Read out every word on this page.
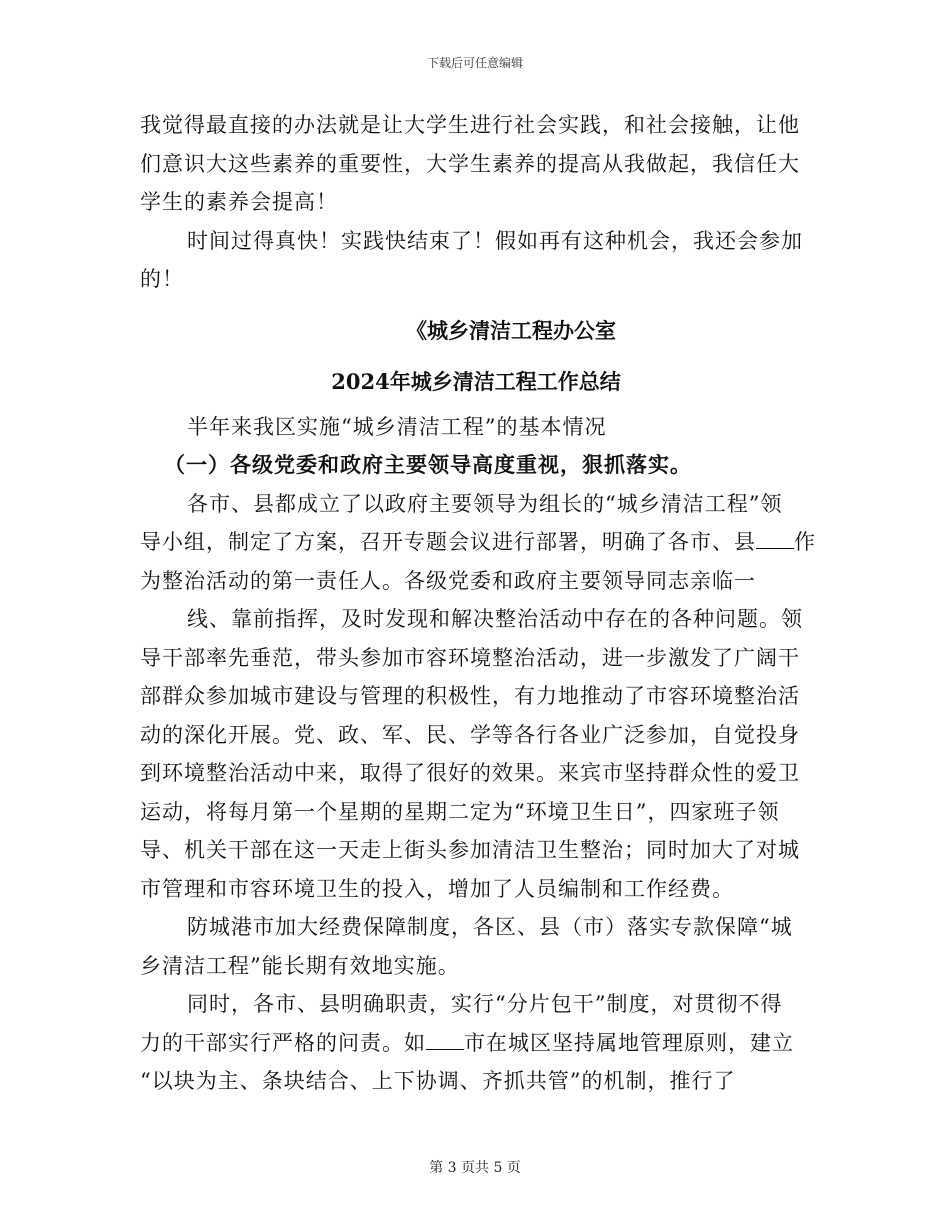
下载后可任意编辑

我觉得最直接的办法就是让大学生进行社会实践，和社会接触，让他

们意识大这些素养的重要性，大学生素养的提高从我做起，我信任大

学生的素养会提高！

时间过得真快！实践快结束了！假如再有这种机会，我还会参加

的！

《城乡清洁工程办公室

2024年城乡清洁工程工作总结

半年来我区实施“城乡清洁工程”的基本情况

（一）各级党委和政府主要领导高度重视，狠抓落实。

各市、县都成立了以政府主要领导为组长的“城乡清洁工程”领

导小组，制定了方案，召开专题会议进行部署，明确了各市、县 作

为整治活动的第一责任人。各级党委和政府主要领导同志亲临一

线、靠前指挥，及时发现和解决整治活动中存在的各种问题。领

导干部率先垂范，带头参加市容环境整治活动，进一步激发了广阔干

部群众参加城市建设与管理的积极性，有力地推动了市容环境整治活

动的深化开展。党、政、军、民、学等各行各业广泛参加，自觉投身

到环境整治活动中来，取得了很好的效果。来宾市坚持群众性的爱卫

运动，将每月第一个星期的星期二定为“环境卫生日”，四家班子领

导、机关干部在这一天走上街头参加清洁卫生整治；同时加大了对城

市管理和市容环境卫生的投入，增加了人员编制和工作经费。

防城港市加大经费保障制度，各区、县（市）落实专款保障“城

乡清洁工程”能长期有效地实施。

同时，各市、县明确职责，实行“分片包干”制度，对贯彻不得

力的干部实行严格的问责。如 市在城区坚持属地管理原则，建立

“以块为主、条块结合、上下协调、齐抓共管”的机制，推行了

第 3 页共 5 页
